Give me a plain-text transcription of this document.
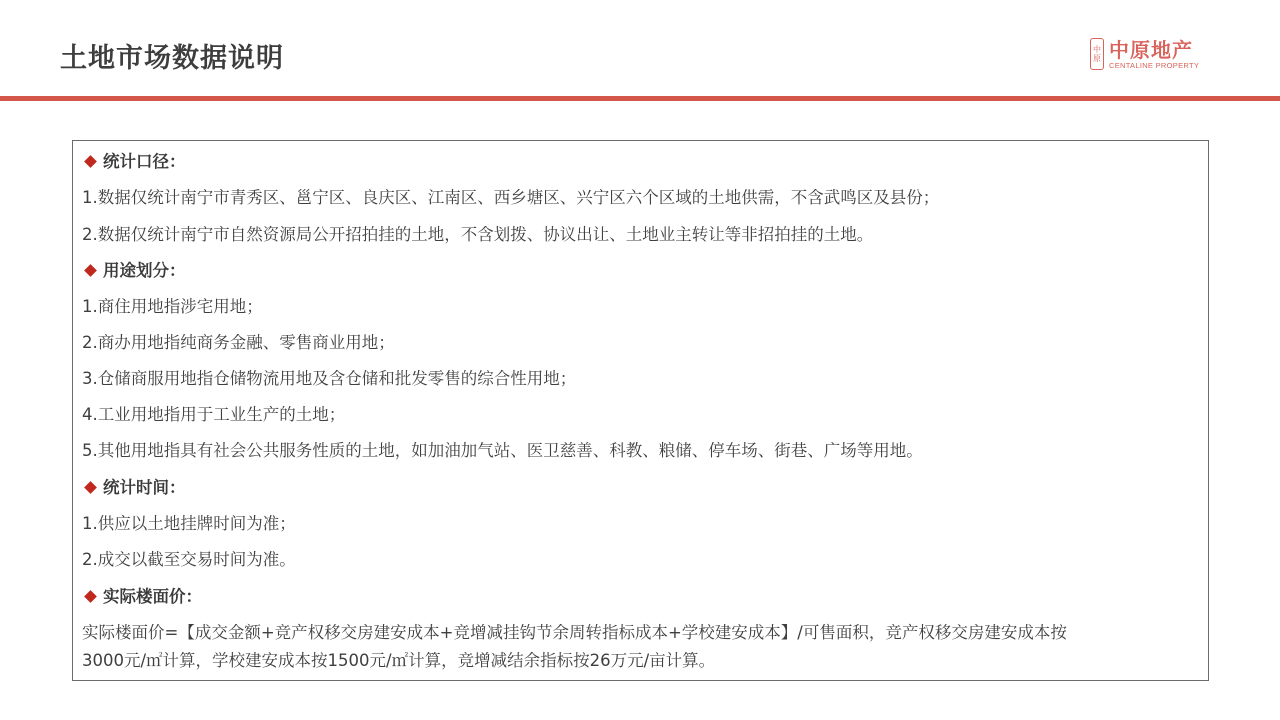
土地市场数据说明	中
原 中原地产
CENTALINE PROPERTY
统计口径：
1.数据仅统计南宁市青秀区、邕宁区、良庆区、江南区、西乡塘区、兴宁区六个区域的土地供需，不含武鸣区及县份；
2.数据仅统计南宁市自然资源局公开招拍挂的土地，不含划拨、协议出让、土地业主转让等非招拍挂的土地。
用途划分：
1.商住用地指涉宅用地；
2.商办用地指纯商务金融、零售商业用地；
3.仓储商服用地指仓储物流用地及含仓储和批发零售的综合性用地；
4.工业用地指用于工业生产的土地；
5.其他用地指具有社会公共服务性质的土地，如加油加气站、医卫慈善、科教、粮储、停车场、街巷、广场等用地。
统计时间：
1.供应以土地挂牌时间为准；
2.成交以截至交易时间为准。
实际楼面价：
实际楼面价=【成交金额+竞产权移交房建安成本+竞增减挂钩节余周转指标成本+学校建安成本】/可售面积，竞产权移交房建安成本按
3000元/㎡计算，学校建安成本按1500元/㎡计算，竞增减结余指标按26万元/亩计算。
